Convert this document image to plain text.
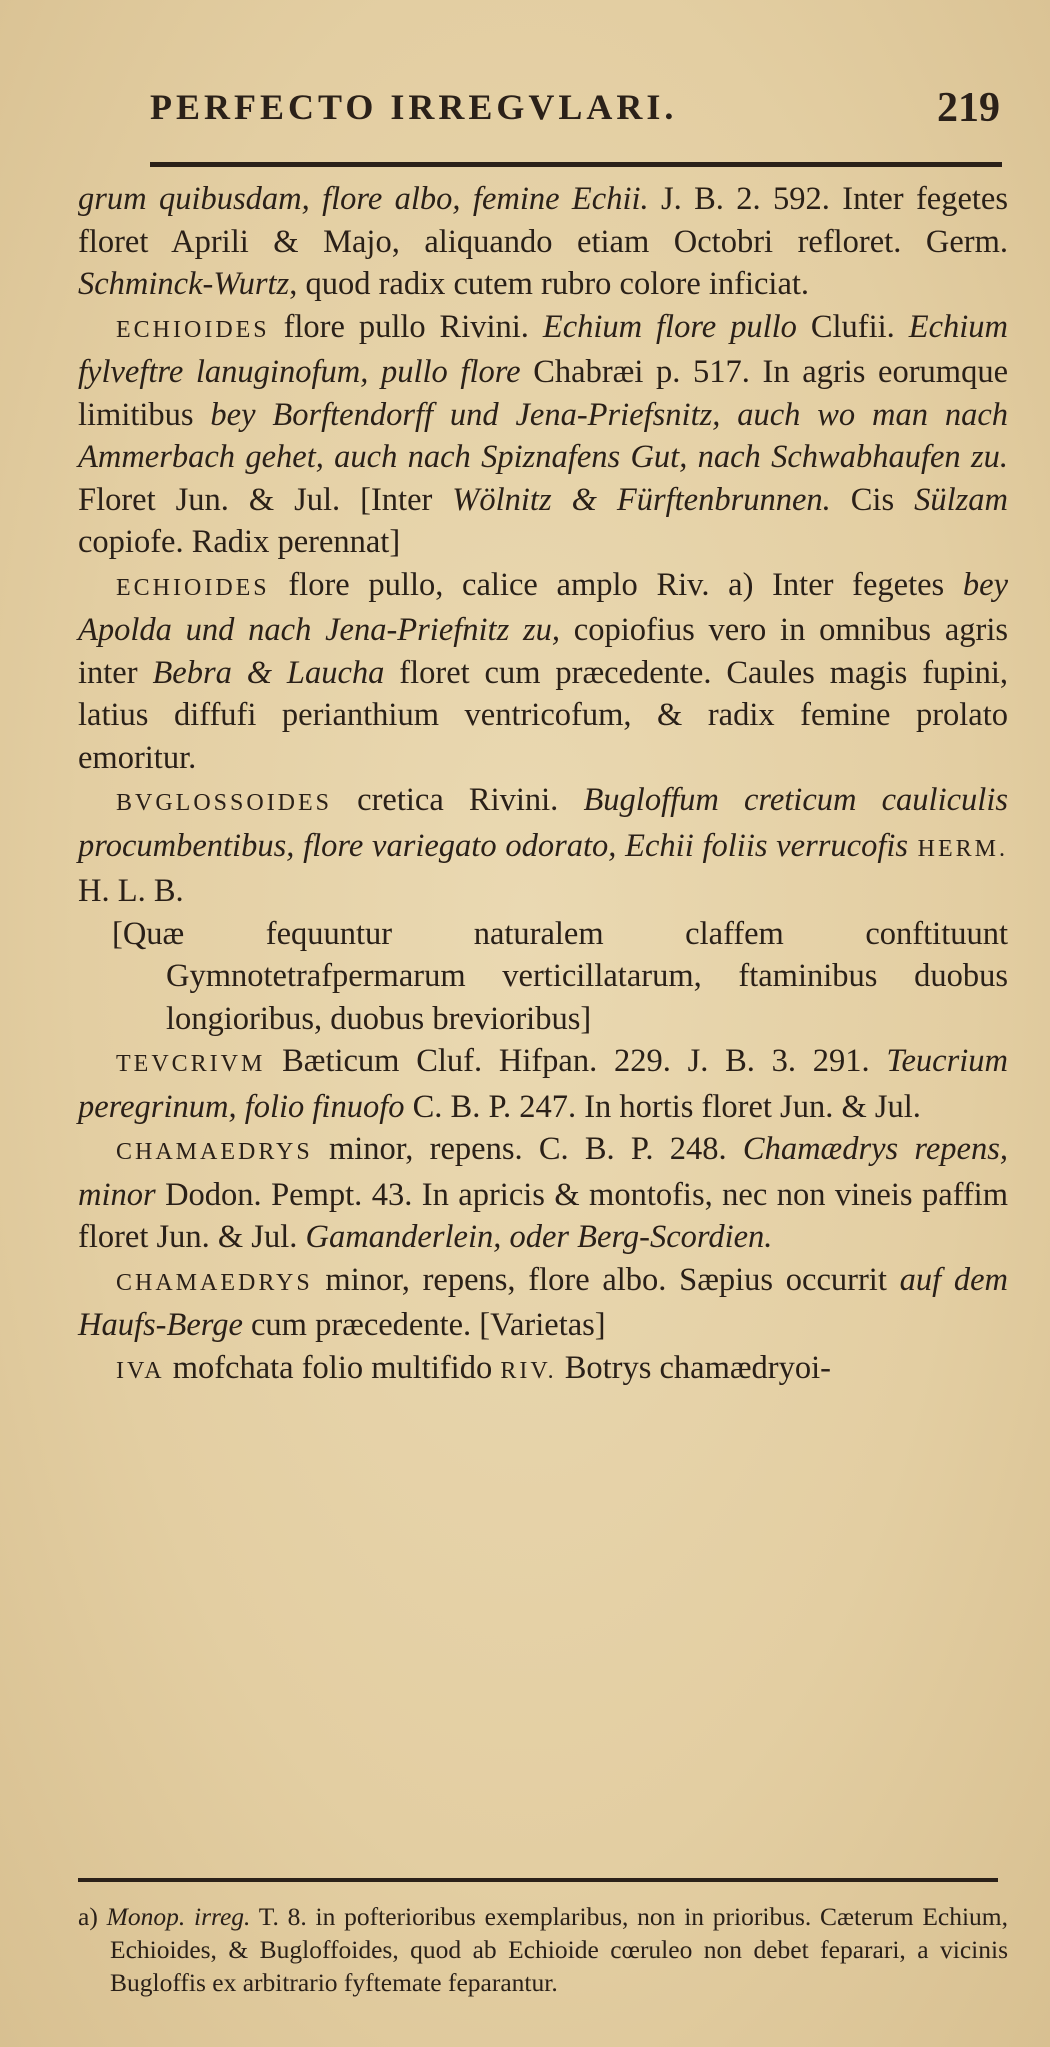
PERFECTO IRREGVLARI.	219

grum quibusdam, flore albo, femine Echii. J. B. 2. 592. Inter fegetes floret Aprili & Majo, aliquando etiam Octobri refloret. Germ. Schminck-Wurtz, quod radix cutem rubro colore inficiat.

ECHIOIDES flore pullo Rivini. Echium flore pullo Clufii. Echium fylveftre lanuginofum, pullo flore Chabræi p. 517. In agris eorumque limitibus bey Borftendorff und Jena-Priefsnitz, auch wo man nach Ammerbach gehet, auch nach Spiznafens Gut, nach Schwabhaufen zu. Floret Jun. & Jul. [Inter Wölnitz & Fürftenbrunnen. Cis Sülzam copiofe. Radix perennat]

ECHIOIDES flore pullo, calice amplo Riv. a) Inter fegetes bey Apolda und nach Jena-Priefnitz zu, copiofius vero in omnibus agris inter Bebra & Laucha floret cum præcedente. Caules magis fupini, latius diffufi perianthium ventricofum, & radix femine prolato emoritur.

BVGLOSSOIDES cretica Rivini. Bugloffum creticum cauliculis procumbentibus, flore variegato odorato, Echii foliis verrucofis HERM. H. L. B.

[Quæ fequuntur naturalem claffem conftituunt Gymnotetrafpermarum verticillatarum, ftaminibus duobus longioribus, duobus brevioribus]

TEVCRIVM Bæticum Cluf. Hifpan. 229. J. B. 3. 291. Teucrium peregrinum, folio finuofo C. B. P. 247. In hortis floret Jun. & Jul.

CHAMAEDRYS minor, repens. C. B. P. 248. Chamædrys repens, minor Dodon. Pempt. 43. In apricis & montofis, nec non vineis paffim floret Jun. & Jul. Gamanderlein, oder Berg-Scordien.

CHAMAEDRYS minor, repens, flore albo. Sæpius occurrit auf dem Haufs-Berge cum præcedente. [Varietas]

IVA mofchata folio multifido RIV. Botrys chamædryoi-

a) Monop. irreg. T. 8. in pofterioribus exemplaribus, non in prioribus. Cæterum Echium, Echioides, & Bugloffoides, quod ab Echioide cœruleo non debet feparari, a vicinis Bugloffis ex arbitrario fyftemate feparantur.
